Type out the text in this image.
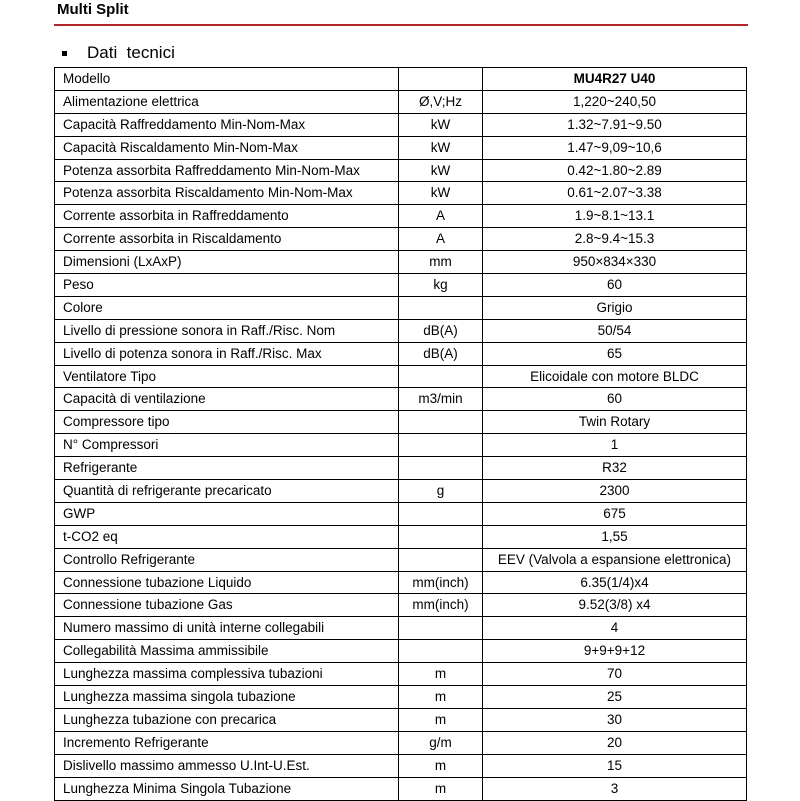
Multi Split
Dati  tecnici
Modello		MU4R27 U40
Alimentazione elettrica	Ø,V;Hz	1,220~240,50
Capacità Raffreddamento Min-Nom-Max	kW	1.32~7.91~9.50
Capacità Riscaldamento Min-Nom-Max	kW	1.47~9,09~10,6
Potenza assorbita Raffreddamento Min-Nom-Max	kW	0.42~1.80~2.89
Potenza assorbita Riscaldamento Min-Nom-Max	kW	0.61~2.07~3.38
Corrente assorbita in Raffreddamento	A	1.9~8.1~13.1
Corrente assorbita in Riscaldamento	A	2.8~9.4~15.3
Dimensioni (LxAxP)	mm	950×834×330
Peso	kg	60
Colore		Grigio
Livello di pressione sonora in Raff./Risc. Nom	dB(A)	50/54
Livello di potenza sonora in Raff./Risc. Max	dB(A)	65
Ventilatore Tipo		Elicoidale con motore BLDC
Capacità di ventilazione	m3/min	60
Compressore tipo		Twin Rotary
N° Compressori		1
Refrigerante		R32
Quantità di refrigerante precaricato	g	2300
GWP		675
t-CO2 eq		1,55
Controllo Refrigerante		EEV (Valvola a espansione elettronica)
Connessione tubazione Liquido	mm(inch)	6.35(1/4)x4
Connessione tubazione Gas	mm(inch)	9.52(3/8) x4
Numero massimo di unità interne collegabili		4
Collegabilità Massima ammissibile		9+9+9+12
Lunghezza massima complessiva tubazioni	m	70
Lunghezza massima singola tubazione	m	25
Lunghezza tubazione con precarica	m	30
Incremento Refrigerante	g/m	20
Dislivello massimo ammesso U.Int-U.Est.	m	15
Lunghezza Minima Singola Tubazione	m	3
